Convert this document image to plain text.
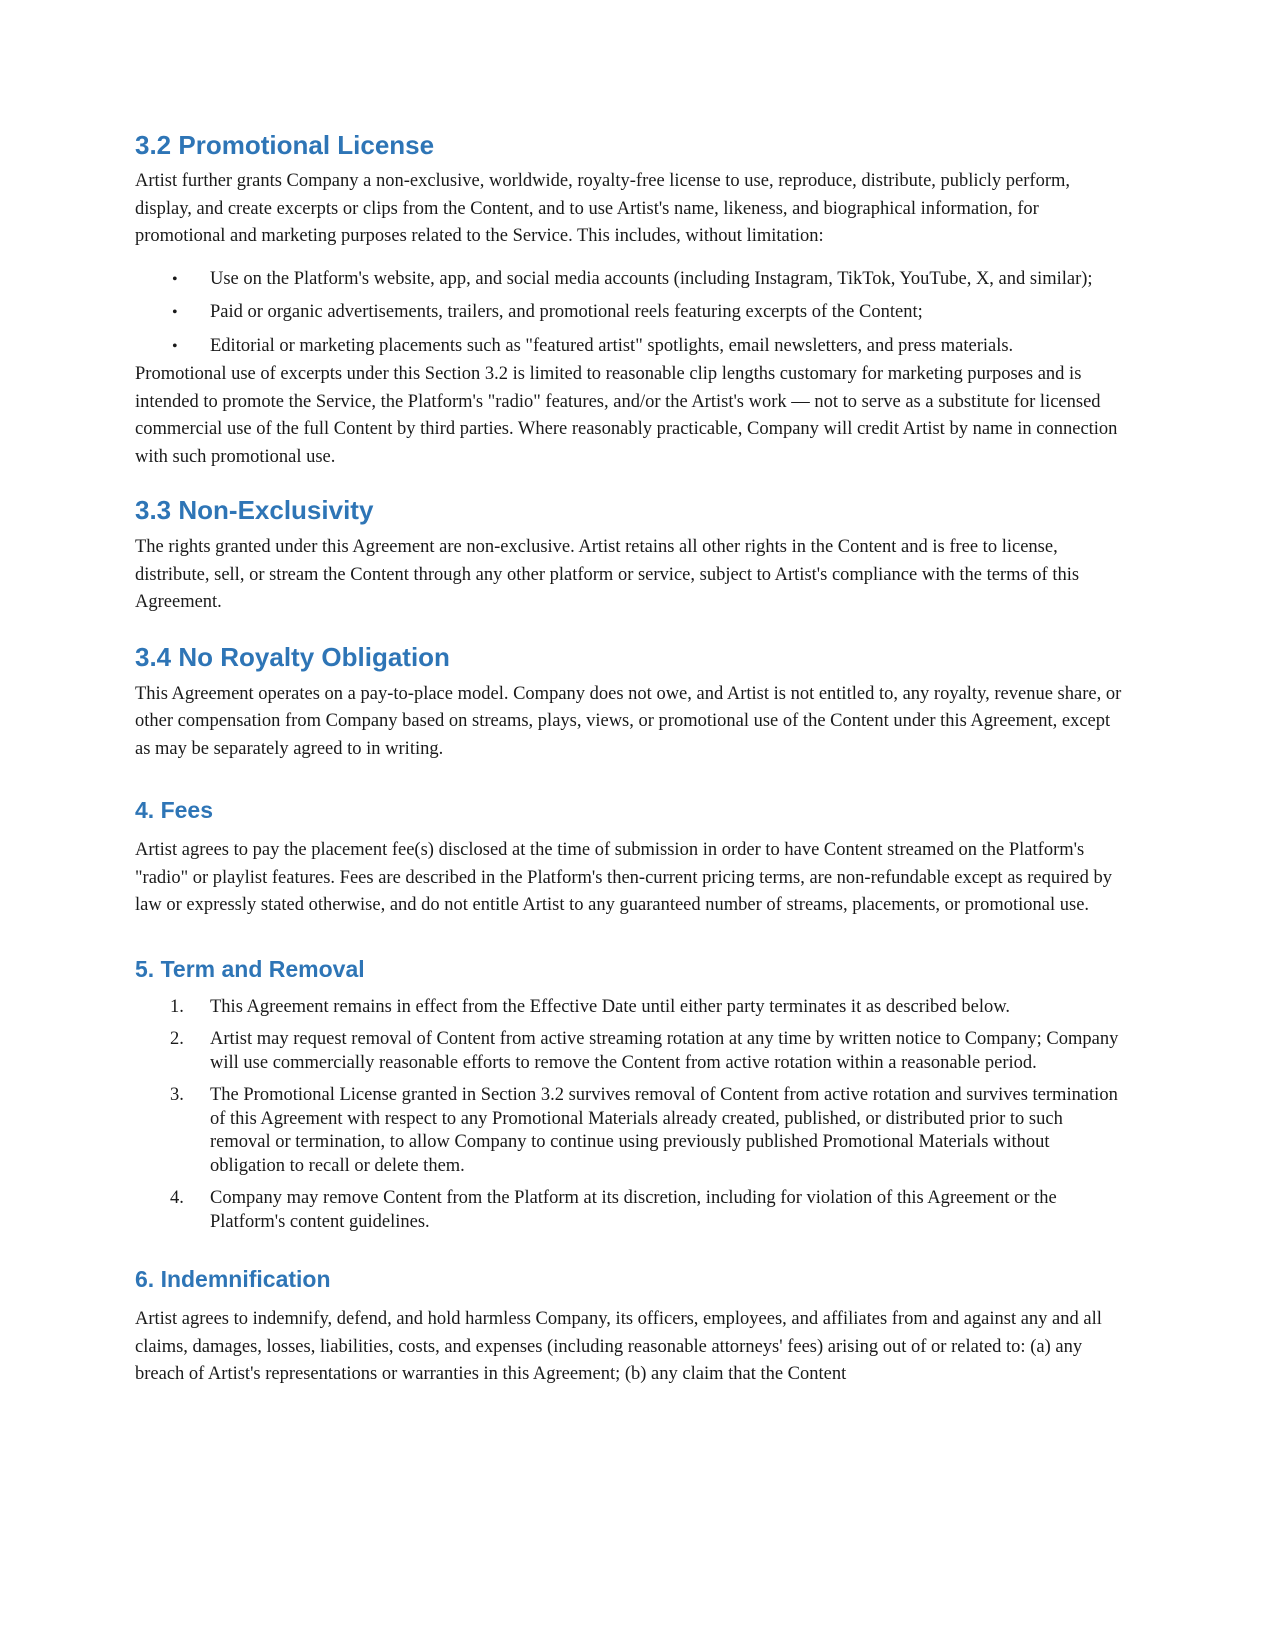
3.2 Promotional License

Artist further grants Company a non-exclusive, worldwide, royalty-free license to use, reproduce, distribute, publicly perform, display, and create excerpts or clips from the Content, and to use Artist's name, likeness, and biographical information, for promotional and marketing purposes related to the Service. This includes, without limitation:

• Use on the Platform's website, app, and social media accounts (including Instagram, TikTok, YouTube, X, and similar);
• Paid or organic advertisements, trailers, and promotional reels featuring excerpts of the Content;
• Editorial or marketing placements such as "featured artist" spotlights, email newsletters, and press materials.

Promotional use of excerpts under this Section 3.2 is limited to reasonable clip lengths customary for marketing purposes and is intended to promote the Service, the Platform's "radio" features, and/or the Artist's work — not to serve as a substitute for licensed commercial use of the full Content by third parties. Where reasonably practicable, Company will credit Artist by name in connection with such promotional use.

3.3 Non-Exclusivity

The rights granted under this Agreement are non-exclusive. Artist retains all other rights in the Content and is free to license, distribute, sell, or stream the Content through any other platform or service, subject to Artist's compliance with the terms of this Agreement.

3.4 No Royalty Obligation

This Agreement operates on a pay-to-place model. Company does not owe, and Artist is not entitled to, any royalty, revenue share, or other compensation from Company based on streams, plays, views, or promotional use of the Content under this Agreement, except as may be separately agreed to in writing.

4. Fees

Artist agrees to pay the placement fee(s) disclosed at the time of submission in order to have Content streamed on the Platform's "radio" or playlist features. Fees are described in the Platform's then-current pricing terms, are non-refundable except as required by law or expressly stated otherwise, and do not entitle Artist to any guaranteed number of streams, placements, or promotional use.

5. Term and Removal
1. This Agreement remains in effect from the Effective Date until either party terminates it as described below.
2. Artist may request removal of Content from active streaming rotation at any time by written notice to Company; Company will use commercially reasonable efforts to remove the Content from active rotation within a reasonable period.
3. The Promotional License granted in Section 3.2 survives removal of Content from active rotation and survives termination of this Agreement with respect to any Promotional Materials already created, published, or distributed prior to such removal or termination, to allow Company to continue using previously published Promotional Materials without obligation to recall or delete them.
4. Company may remove Content from the Platform at its discretion, including for violation of this Agreement or the Platform's content guidelines.
6. Indemnification

Artist agrees to indemnify, defend, and hold harmless Company, its officers, employees, and affiliates from and against any and all claims, damages, losses, liabilities, costs, and expenses (including reasonable attorneys' fees) arising out of or related to: (a) any breach of Artist's representations or warranties in this Agreement; (b) any claim that the Content
